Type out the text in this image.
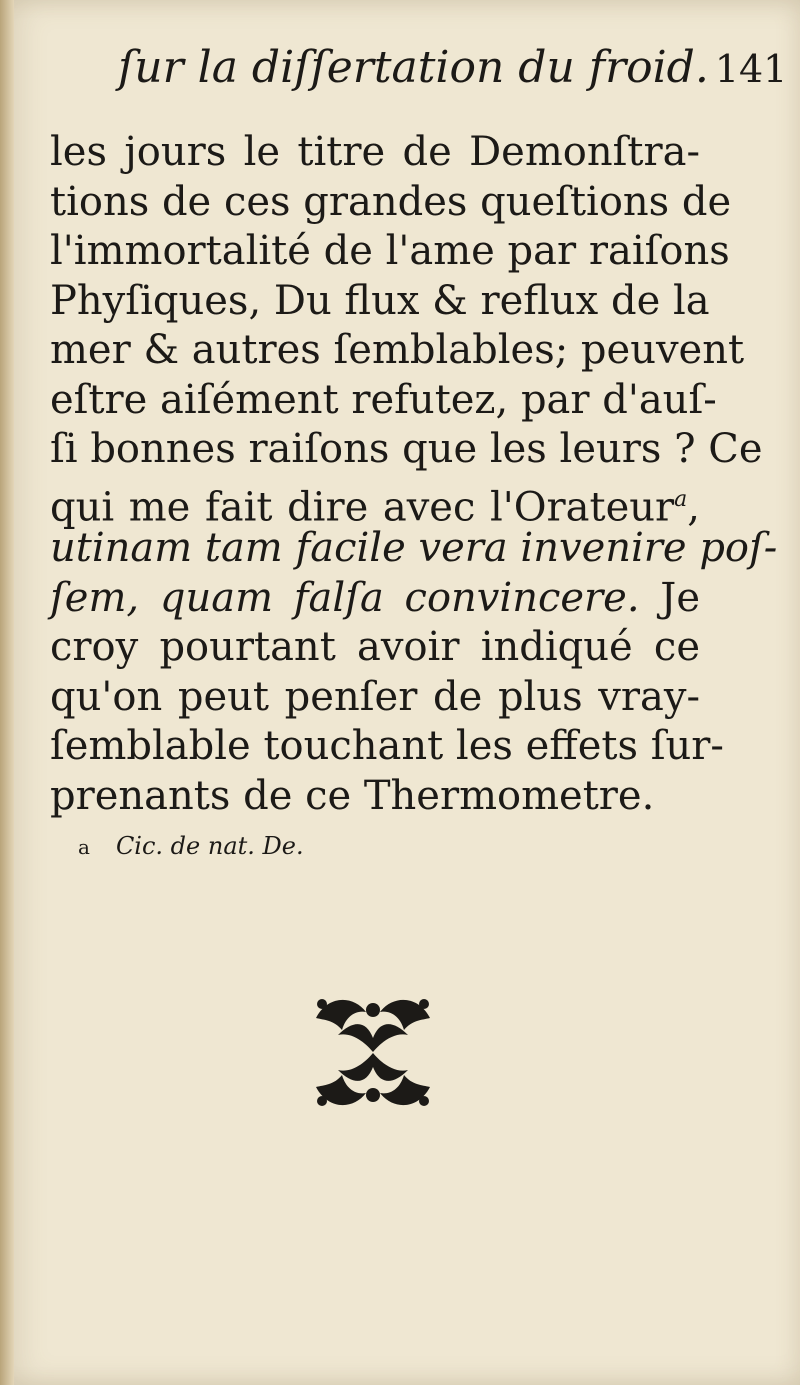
ſur la diſſertation du froid. 141
les jours le titre de Demonſtra-
tions de ces grandes queſtions de
l'immortalité de l'ame par raiſons
Phyſiques, Du flux & reflux de la
mer & autres ſemblables; peuvent
eſtre aiſément refutez, par d'auſ-
ſi bonnes raiſons que les leurs ? Ce
qui me fait dire avec l'Orateur$^a$,
utinam tam facile vera invenire poſ-
ſem, quam falſa convincere. Je
croy pourtant avoir indiqué ce
qu'on peut penſer de plus vray-
ſemblable touchant les effets ſur-
prenants de ce Thermometre.
a Cic. de nat. De.
